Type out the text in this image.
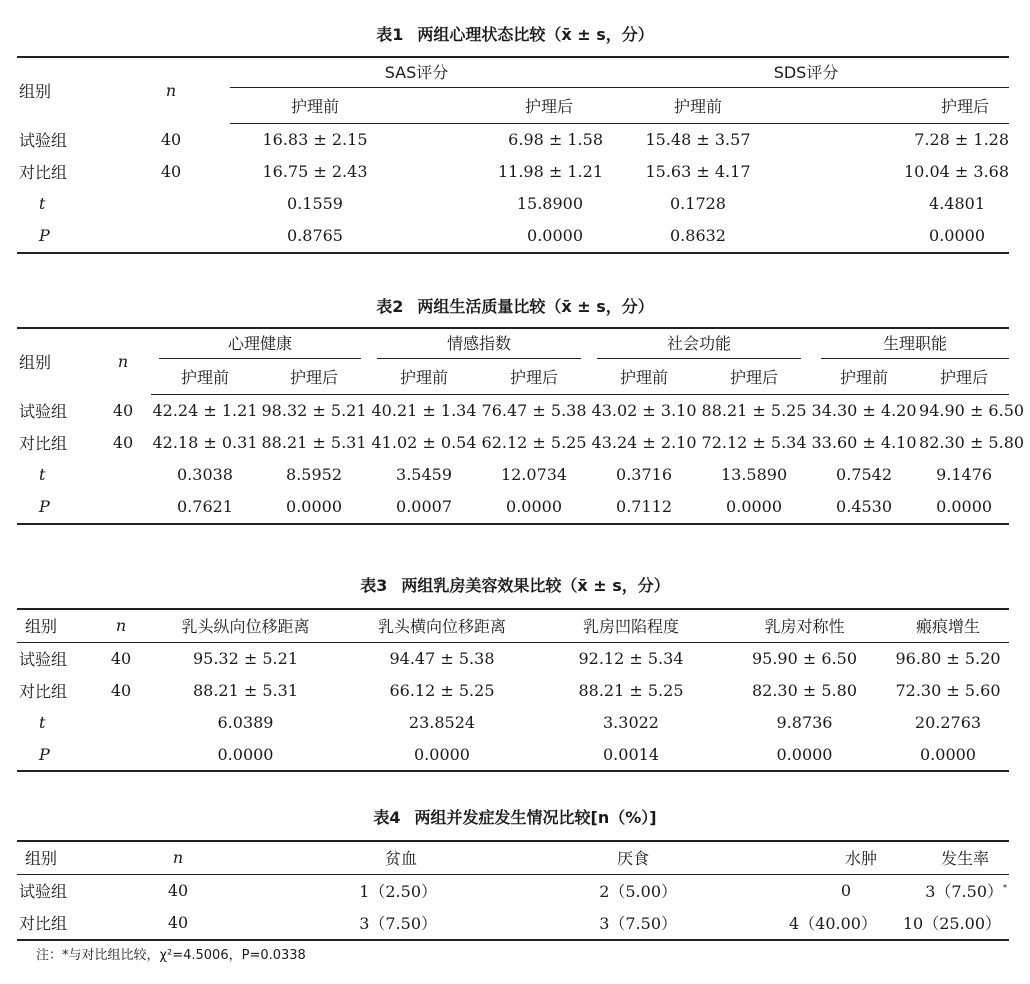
表1 两组心理状态比较（x̄ ± s，分）
组别	n	SAS评分		SDS评分	

		护理前	护理后	护理前	护理后
试验组	40	16.83 ± 2.15	6.98 ± 1.58	15.48 ± 3.57	7.28 ± 1.28
对比组	40	16.75 ± 2.43	11.98 ± 1.21	15.63 ± 4.17	10.04 ± 3.68
t		0.1559	15.8900	0.1728	4.4801
P		0.8765	0.0000	0.8632	0.0000
表2 两组生活质量比较（x̄ ± s，分）
组别	n	心理健康		情感指数		社会功能		生理职能	

		护理前	护理后	护理前	护理后	护理前	护理后	护理前	护理后
试验组	40	42.24 ± 1.21	98.32 ± 5.21	40.21 ± 1.34	76.47 ± 5.38	43.02 ± 3.10	88.21 ± 5.25	34.30 ± 4.20	94.90 ± 6.50
对比组	40	42.18 ± 0.31	88.21 ± 5.31	41.02 ± 0.54	62.12 ± 5.25	43.24 ± 2.10	72.12 ± 5.34	33.60 ± 4.10	82.30 ± 5.80
t		0.3038	8.5952	3.5459	12.0734	0.3716	13.5890	0.7542	9.1476
P		0.7621	0.0000	0.0007	0.0000	0.7112	0.0000	0.4530	0.0000
表3 两组乳房美容效果比较（x̄ ± s，分）
组别	n	乳头纵向位移距离	乳头横向位移距离	乳房凹陷程度	乳房对称性	瘢痕增生
试验组	40	95.32 ± 5.21	94.47 ± 5.38	92.12 ± 5.34	95.90 ± 6.50	96.80 ± 5.20
对比组	40	88.21 ± 5.31	66.12 ± 5.25	88.21 ± 5.25	82.30 ± 5.80	72.30 ± 5.60
t		6.0389	23.8524	3.3022	9.8736	20.2763
P		0.0000	0.0000	0.0014	0.0000	0.0000
表4 两组并发症发生情况比较[n（%）]
组别	n	贫血	厌食	水肿	发生率
试验组	40	1（2.50）	2（5.00）	0	3（7.50）*
对比组	40	3（7.50）	3（7.50）	4（40.00）	10（25.00）
注：*与对比组比较，χ²=4.5006，P=0.0338
